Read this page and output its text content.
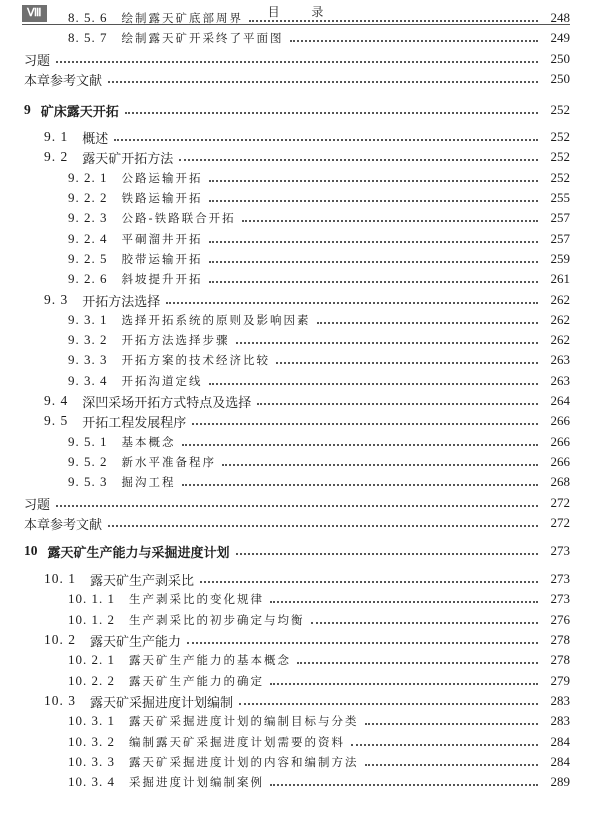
Ⅷ	目 录
8. 5. 6 绘制露天矿底部周界	248
8. 5. 7 绘制露天矿开采终了平面图	249
习题	250
本章参考文献	250
9 矿床露天开拓	252
9. 1 概述	252
9. 2 露天矿开拓方法	252
9. 2. 1 公路运输开拓	252
9. 2. 2 铁路运输开拓	255
9. 2. 3 公路-铁路联合开拓	257
9. 2. 4 平硐溜井开拓	257
9. 2. 5 胶带运输开拓	259
9. 2. 6 斜坡提升开拓	261
9. 3 开拓方法选择	262
9. 3. 1 选择开拓系统的原则及影响因素	262
9. 3. 2 开拓方法选择步骤	262
9. 3. 3 开拓方案的技术经济比较	263
9. 3. 4 开拓沟道定线	263
9. 4 深凹采场开拓方式特点及选择	264
9. 5 开拓工程发展程序	266
9. 5. 1 基本概念	266
9. 5. 2 新水平准备程序	266
9. 5. 3 掘沟工程	268
习题	272
本章参考文献	272
10 露天矿生产能力与采掘进度计划	273
10. 1 露天矿生产剥采比	273
10. 1. 1 生产剥采比的变化规律	273
10. 1. 2 生产剥采比的初步确定与均衡	276
10. 2 露天矿生产能力	278
10. 2. 1 露天矿生产能力的基本概念	278
10. 2. 2 露天矿生产能力的确定	279
10. 3 露天矿采掘进度计划编制	283
10. 3. 1 露天矿采掘进度计划的编制目标与分类	283
10. 3. 2 编制露天矿采掘进度计划需要的资料	284
10. 3. 3 露天矿采掘进度计划的内容和编制方法	284
10. 3. 4 采掘进度计划编制案例	289
